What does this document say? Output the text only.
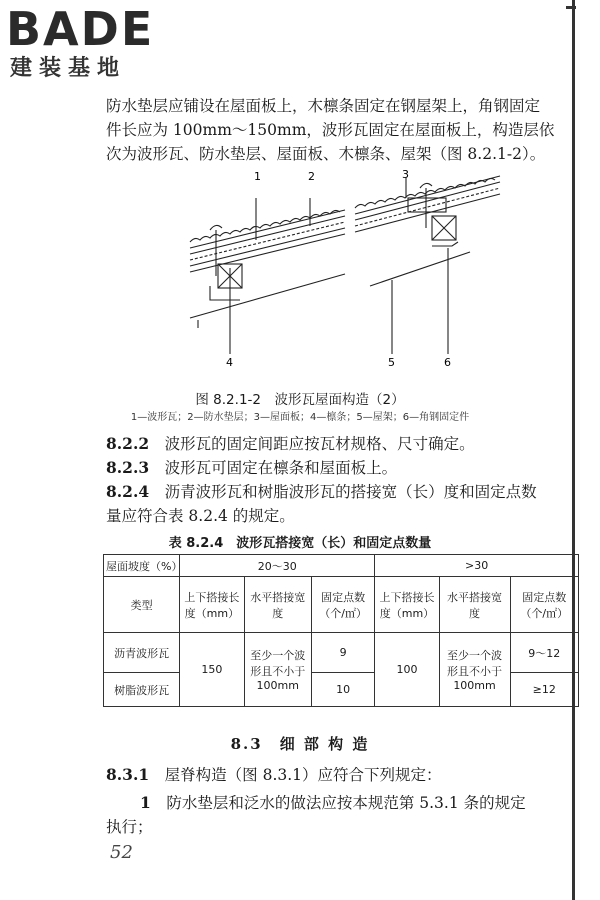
BADE
建装基地
防水垫层应铺设在屋面板上，木檩条固定在钢屋架上，角钢固定
件长应为 100mm～150mm，波形瓦固定在屋面板上，构造层依
次为波形瓦、防水垫层、屋面板、木檩条、屋架（图 8.2.1-2）。
1	2	3
4	5	6
图 8.2.1-2　波形瓦屋面构造（2）
1—波形瓦；2—防水垫层；3—屋面板；4—檩条；5—屋架；6—角钢固定件
8.2.2　 波形瓦的固定间距应按瓦材规格、尺寸确定。
8.2.3　 波形瓦可固定在檩条和屋面板上。
8.2.4　 沥青波形瓦和树脂波形瓦的搭接宽（长）度和固定点数
量应符合表 8.2.4 的规定。
表 8.2.4　波形瓦搭接宽（长）和固定点数量
屋面坡度（%）	20～30			>30		
类型	上下搭接长度（mm）	水平搭接宽度	固定点数（个/㎡）	上下搭接长度（mm）	水平搭接宽度	固定点数（个/㎡）
沥青波形瓦	150	至少一个波形且不小于100mm	9	100	至少一个波形且不小于100mm	9～12
树脂波形瓦			10			≥12
8.3　细 部 构 造
8.3.1　 屋脊构造（图 8.3.1）应符合下列规定：
1　 防水垫层和泛水的做法应按本规范第 5.3.1 条的规定
执行；
52
